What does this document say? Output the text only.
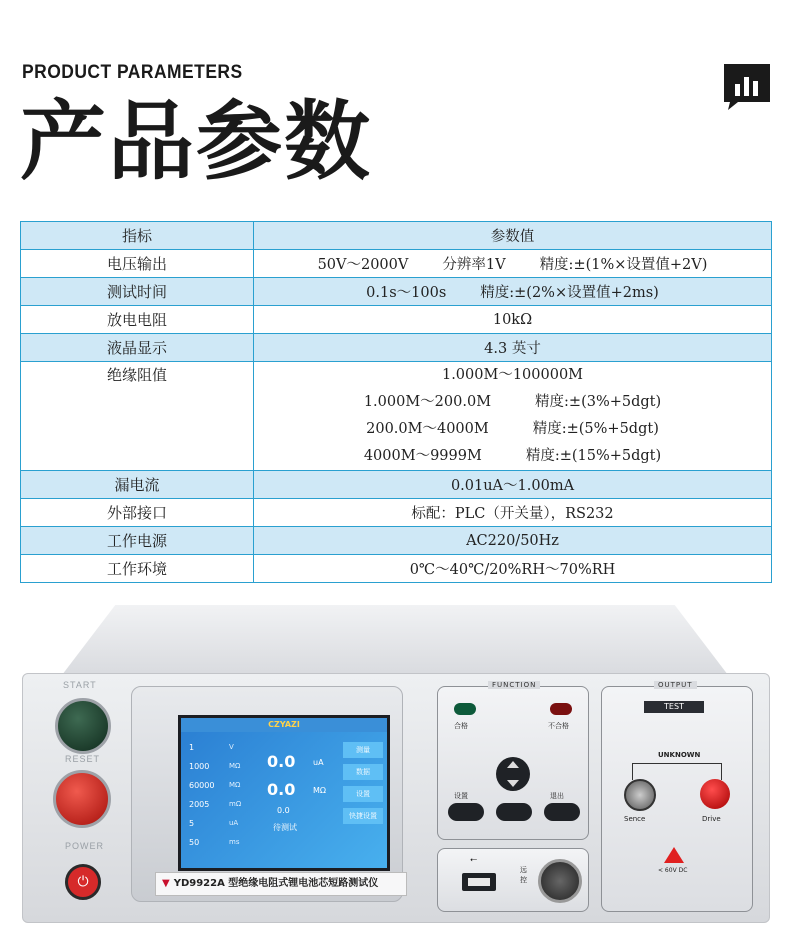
PRODUCT PARAMETERS
产品参数
指标	参数值
电压输出	50V～2000V 分辨率1V 精度:±(1%×设置值+2V)
测试时间	0.1s～100s 精度:±(2%×设置值+2ms)
放电电阻	10kΩ
液晶显示	4.3 英寸
绝缘阻值	1.000M～100000M
1.000M～200.0M 精度:±(3%+5dgt)
200.0M～4000M 精度:±(5%+5dgt)
4000M～9999M 精度:±(15%+5dgt)

漏电流	0.01uA～1.00mA
外部接口	标配：PLC（开关量），RS232
工作电源	AC220/50Hz
工作环境	0℃～40℃/20%RH～70%RH
START
RESET
POWER
⏻
CZYAZI
1
1000
60000
2005
5
50
V
MΩ
MΩ
mΩ
uA
ms
0.0 uA
0.0 MΩ
0.0
待测试
测量
数据
设置
快捷设置
▼ YD9922A 型绝缘电阻式锂电池芯短路测试仪
FUNCTION
合格	不合格
设置	退出
⭠
远控
OUTPUT
TEST
UNKNOWN
Sence	Drive
< 60V DC
